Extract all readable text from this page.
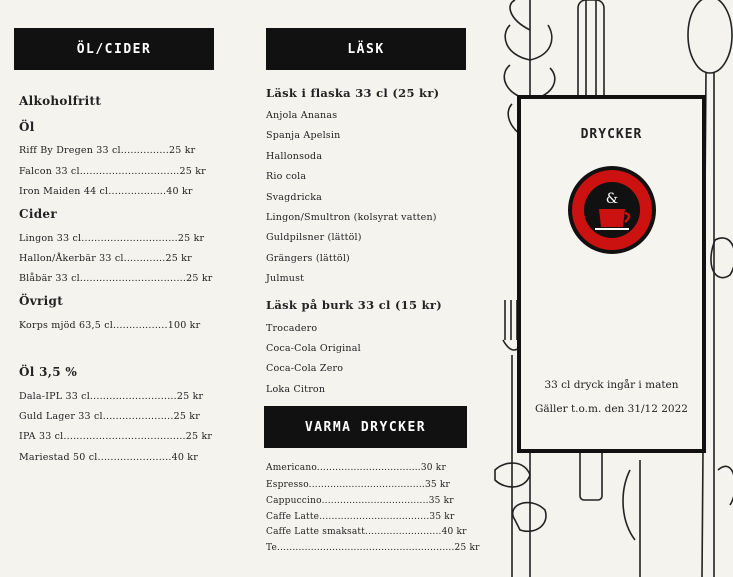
ÖL/CIDER
Alkoholfritt
Öl
Riff By Dregen 33 cl...............25 kr
Falcon 33 cl...............................25 kr
Iron Maiden 44 cl..................40 kr
Cider
Lingon 33 cl..............................25 kr
Hallon/Åkerbär 33 cl.............25 kr
Blåbär 33 cl.................................25 kr
Övrigt
Korps mjöd 63,5 cl.................100 kr
Öl 3,5 %
Dala-IPL 33 cl...........................25 kr
Guld Lager 33 cl......................25 kr
IPA 33 cl......................................25 kr
Mariestad 50 cl.......................40 kr
LÄSK
Läsk i flaska 33 cl (25 kr)
Anjola Ananas
Spanja Apelsin
Hallonsoda
Rio cola
Svagdricka
Lingon/Smultron (kolsyrat vatten)
Guldpilsner (lättöl)
Grängers (lättöl)
Julmust
Läsk på burk 33 cl (15 kr)
Trocadero
Coca-Cola Original
Coca-Cola Zero
Loka Citron
VARMA DRYCKER
Americano..................................30 kr
Espresso......................................35 kr
Cappuccino...................................35 kr
Caffe Latte....................................35 kr
Caffe Latte smaksatt.........................40 kr
Te..........................................................25 kr
DRYCKER
&
33 cl dryck ingår i maten
Gäller t.o.m. den 31/12 2022
